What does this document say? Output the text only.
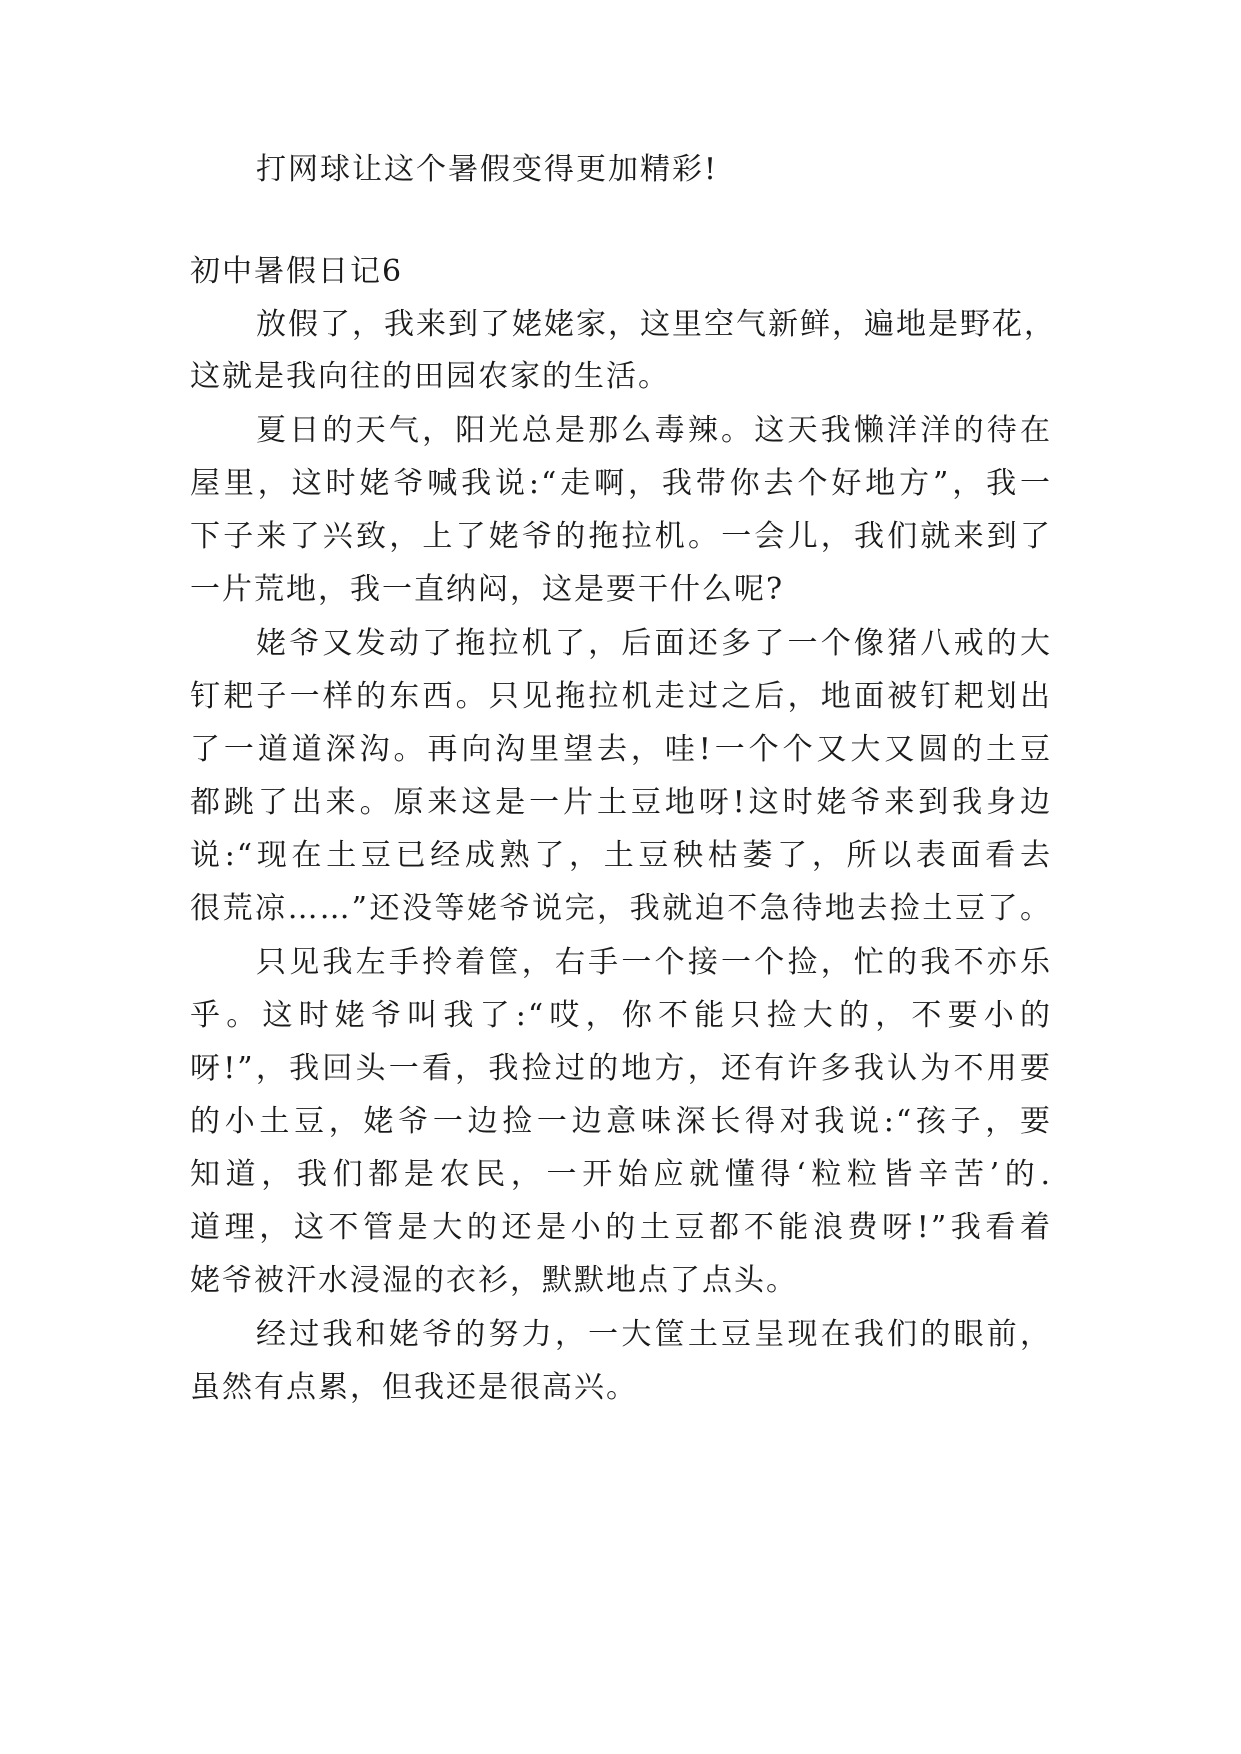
打网球让这个暑假变得更加精彩!
初中暑假日记6
放假了，我来到了姥姥家，这里空气新鲜，遍地是野花，
这就是我向往的田园农家的生活。
夏日的天气，阳光总是那么毒辣。这天我懒洋洋的待在
屋里，这时姥爷喊我说:“走啊，我带你去个好地方”，我一
下子来了兴致，上了姥爷的拖拉机。一会儿，我们就来到了
一片荒地，我一直纳闷，这是要干什么呢?
姥爷又发动了拖拉机了，后面还多了一个像猪八戒的大
钉耙子一样的东西。只见拖拉机走过之后，地面被钉耙划出
了一道道深沟。再向沟里望去，哇!一个个又大又圆的土豆
都跳了出来。原来这是一片土豆地呀!这时姥爷来到我身边
说:“现在土豆已经成熟了，土豆秧枯萎了，所以表面看去
很荒凉……”还没等姥爷说完，我就迫不急待地去捡土豆了。
只见我左手拎着筐，右手一个接一个捡，忙的我不亦乐
乎。这时姥爷叫我了:“哎，你不能只捡大的，不要小的
呀!”，我回头一看，我捡过的地方，还有许多我认为不用要
的小土豆，姥爷一边捡一边意味深长得对我说:“孩子，要
知道，我们都是农民，一开始应就懂得‘粒粒皆辛苦’的.
道理，这不管是大的还是小的土豆都不能浪费呀!”我看着
姥爷被汗水浸湿的衣衫，默默地点了点头。
经过我和姥爷的努力，一大筐土豆呈现在我们的眼前，
虽然有点累，但我还是很高兴。
